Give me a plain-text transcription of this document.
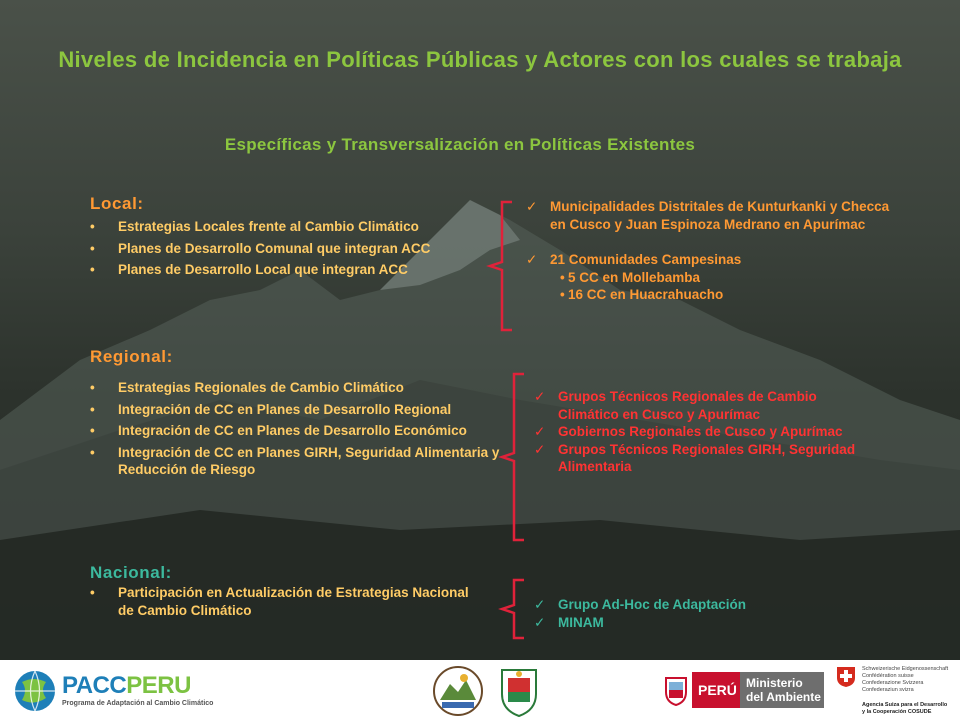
Niveles de Incidencia en Políticas Públicas y Actores con los cuales se trabaja
Específicas y Transversalización en Políticas Existentes
Local:
• Estrategias Locales frente al Cambio Climático
• Planes de Desarrollo Comunal que integran ACC
• Planes de Desarrollo Local que integran ACC
✓ Municipalidades Distritales de Kunturkanki y Checca en Cusco y Juan Espinoza Medrano en Apurímac
✓ 21 Comunidades Campesinas
• 5 CC en Mollebamba
• 16 CC en Huacrahuacho
Regional:
• Estrategias Regionales de Cambio Climático
• Integración de CC en Planes de Desarrollo Regional
• Integración de CC en Planes de Desarrollo Económico
• Integración de CC en Planes GIRH, Seguridad Alimentaria y Reducción de Riesgo
✓ Grupos Técnicos Regionales de Cambio Climático en Cusco y Apurímac
✓ Gobiernos Regionales de Cusco y Apurímac
✓ Grupos Técnicos Regionales GIRH, Seguridad Alimentaria
Nacional:
• Participación en Actualización de Estrategias Nacional de Cambio Climático	✓ Grupo Ad-Hoc de Adaptación
✓ MINAM
PACCPERU
Programa de Adaptación al Cambio Climático
PERÚ Ministerio
del Ambiente
Schweizerische Eidgenossenschaft
Confédération suisse
Confederazione Svizzera
Confederaziun svizra
Agencia Suiza para el Desarrollo
y la Cooperación COSUDE
